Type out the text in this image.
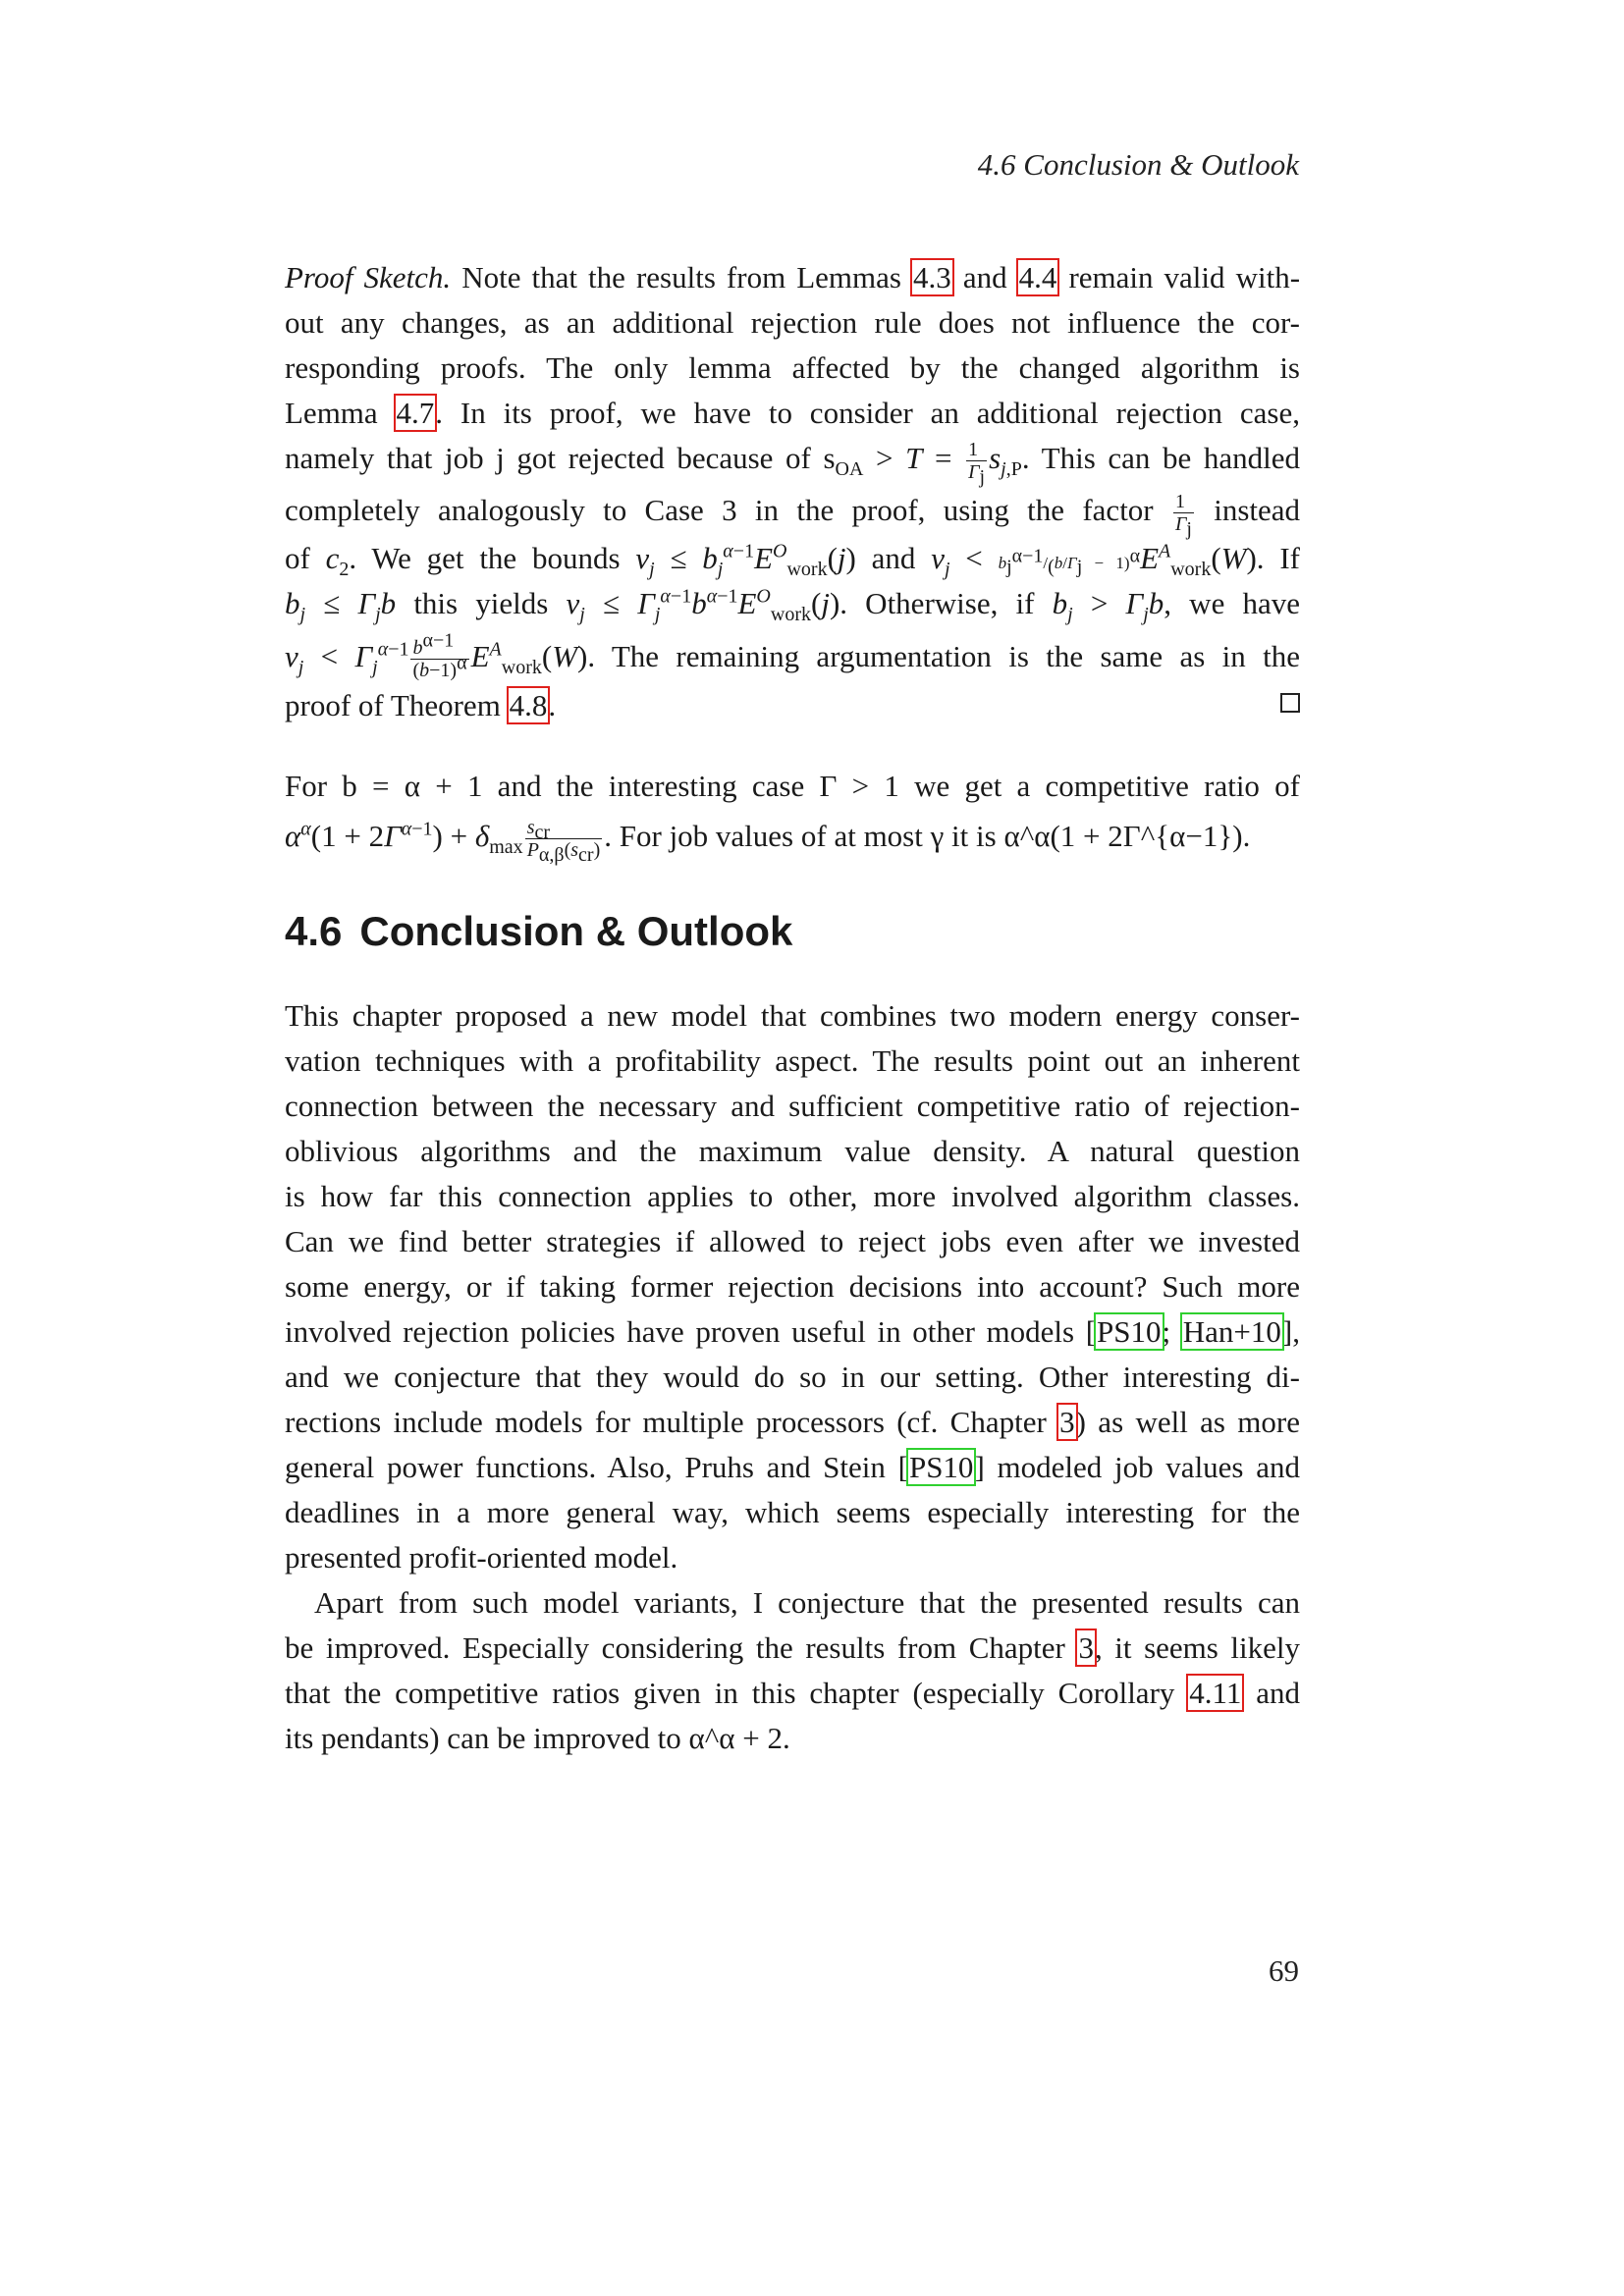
4.6 Conclusion & Outlook
Proof Sketch. Note that the results from Lemmas 4.3 and 4.4 remain valid with-
out any changes, as an additional rejection rule does not influence the cor-
responding proofs. The only lemma affected by the changed algorithm is
Lemma 4.7. In its proof, we have to consider an additional rejection case,
namely that job j got rejected because of $s_{OA} > T = \frac{1}{\Gamma_j} s_{j,P}$. This can be handled
completely analogously to Case 3 in the proof, using the factor $\frac{1}{\Gamma_j}$ instead
of $c_2$. We get the bounds $v_j \le b_j^{\alpha-1}E^O_{work}(j)$ and $v_j < b_j^{\alpha-1}/_(b/\Gamma_j - 1)^\alpha E^A_{work}(W)$. If
$b_j \le \Gamma_jb$ this yields $v_j \le \Gamma_j^{\alpha-1}b^{\alpha-1}E^O_{work}(j)$. Otherwise, if $b_j > \Gamma_jb$, we have
$v_j < \Gamma_j^{\alpha-1} \frac{b^{\alpha-1}}{(b-1)^\alpha} E^A_{work}(W)$. The remaining argumentation is the same as in the
proof of Theorem 4.8.
For b = α + 1 and the interesting case Γ > 1 we get a competitive ratio of
$\alpha^\alpha(1 + 2\Gamma^{\alpha-1}) + \delta_{max} \frac{s_{cr}}{P_{\alpha,\beta}(s_{cr})}$ . For job values of at most γ it is α^α(1 + 2Γ^{α−1}).
4.6 Conclusion & Outlook
This chapter proposed a new model that combines two modern energy conser-
vation techniques with a profitability aspect. The results point out an inherent
connection between the necessary and sufficient competitive ratio of rejection-
oblivious algorithms and the maximum value density. A natural question
is how far this connection applies to other, more involved algorithm classes.
Can we find better strategies if allowed to reject jobs even after we invested
some energy, or if taking former rejection decisions into account? Such more
involved rejection policies have proven useful in other models [PS10; Han+10],
and we conjecture that they would do so in our setting. Other interesting di-
rections include models for multiple processors (cf. Chapter 3) as well as more
general power functions. Also, Pruhs and Stein [PS10] modeled job values and
deadlines in a more general way, which seems especially interesting for the
presented profit-oriented model.
Apart from such model variants, I conjecture that the presented results can
be improved. Especially considering the results from Chapter 3, it seems likely
that the competitive ratios given in this chapter (especially Corollary 4.11 and
its pendants) can be improved to α^α + 2.
69
